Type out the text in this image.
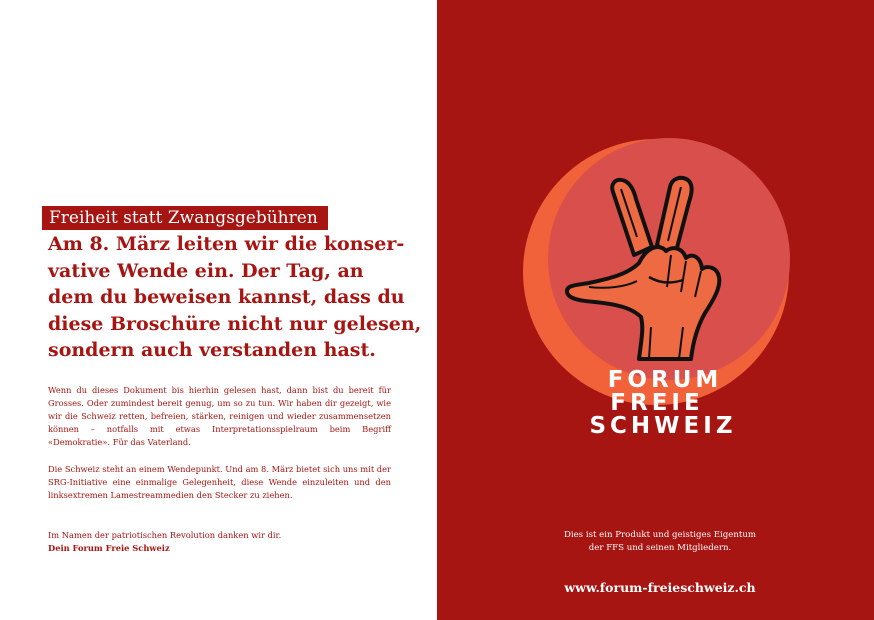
Freiheit statt Zwangsgebühren
Am 8. März leiten wir die konser-
vative Wende ein. Der Tag, an
dem du beweisen kannst, dass du
diese Broschüre nicht nur gelesen,
sondern auch verstanden hast.
Wenn du dieses Dokument bis hierhin gelesen hast, dann bist du bereit für Grosses. Oder zumindest bereit genug, um so zu tun. Wir haben dir gezeigt, wie wir die Schweiz retten, befreien, stärken, reinigen und wieder zusammensetzen können – notfalls mit etwas Interpretationsspielraum beim Begriff «Demokratie». Für das Vaterland.
Die Schweiz steht an einem Wendepunkt. Und am 8. März bietet sich uns mit der SRG-Initiative eine einmalige Gelegenheit, diese Wende einzuleiten und den linksextremen Lamestreammedien den Stecker zu ziehen.
Im Namen der patriotischen Revolution danken wir dir.
Dein Forum Freie Schweiz
FORUM
FREIE
SCHWEIZ
Dies ist ein Produkt und geistiges Eigentum
der FFS und seinen Mitgliedern.
www.forum-freieschweiz.ch
